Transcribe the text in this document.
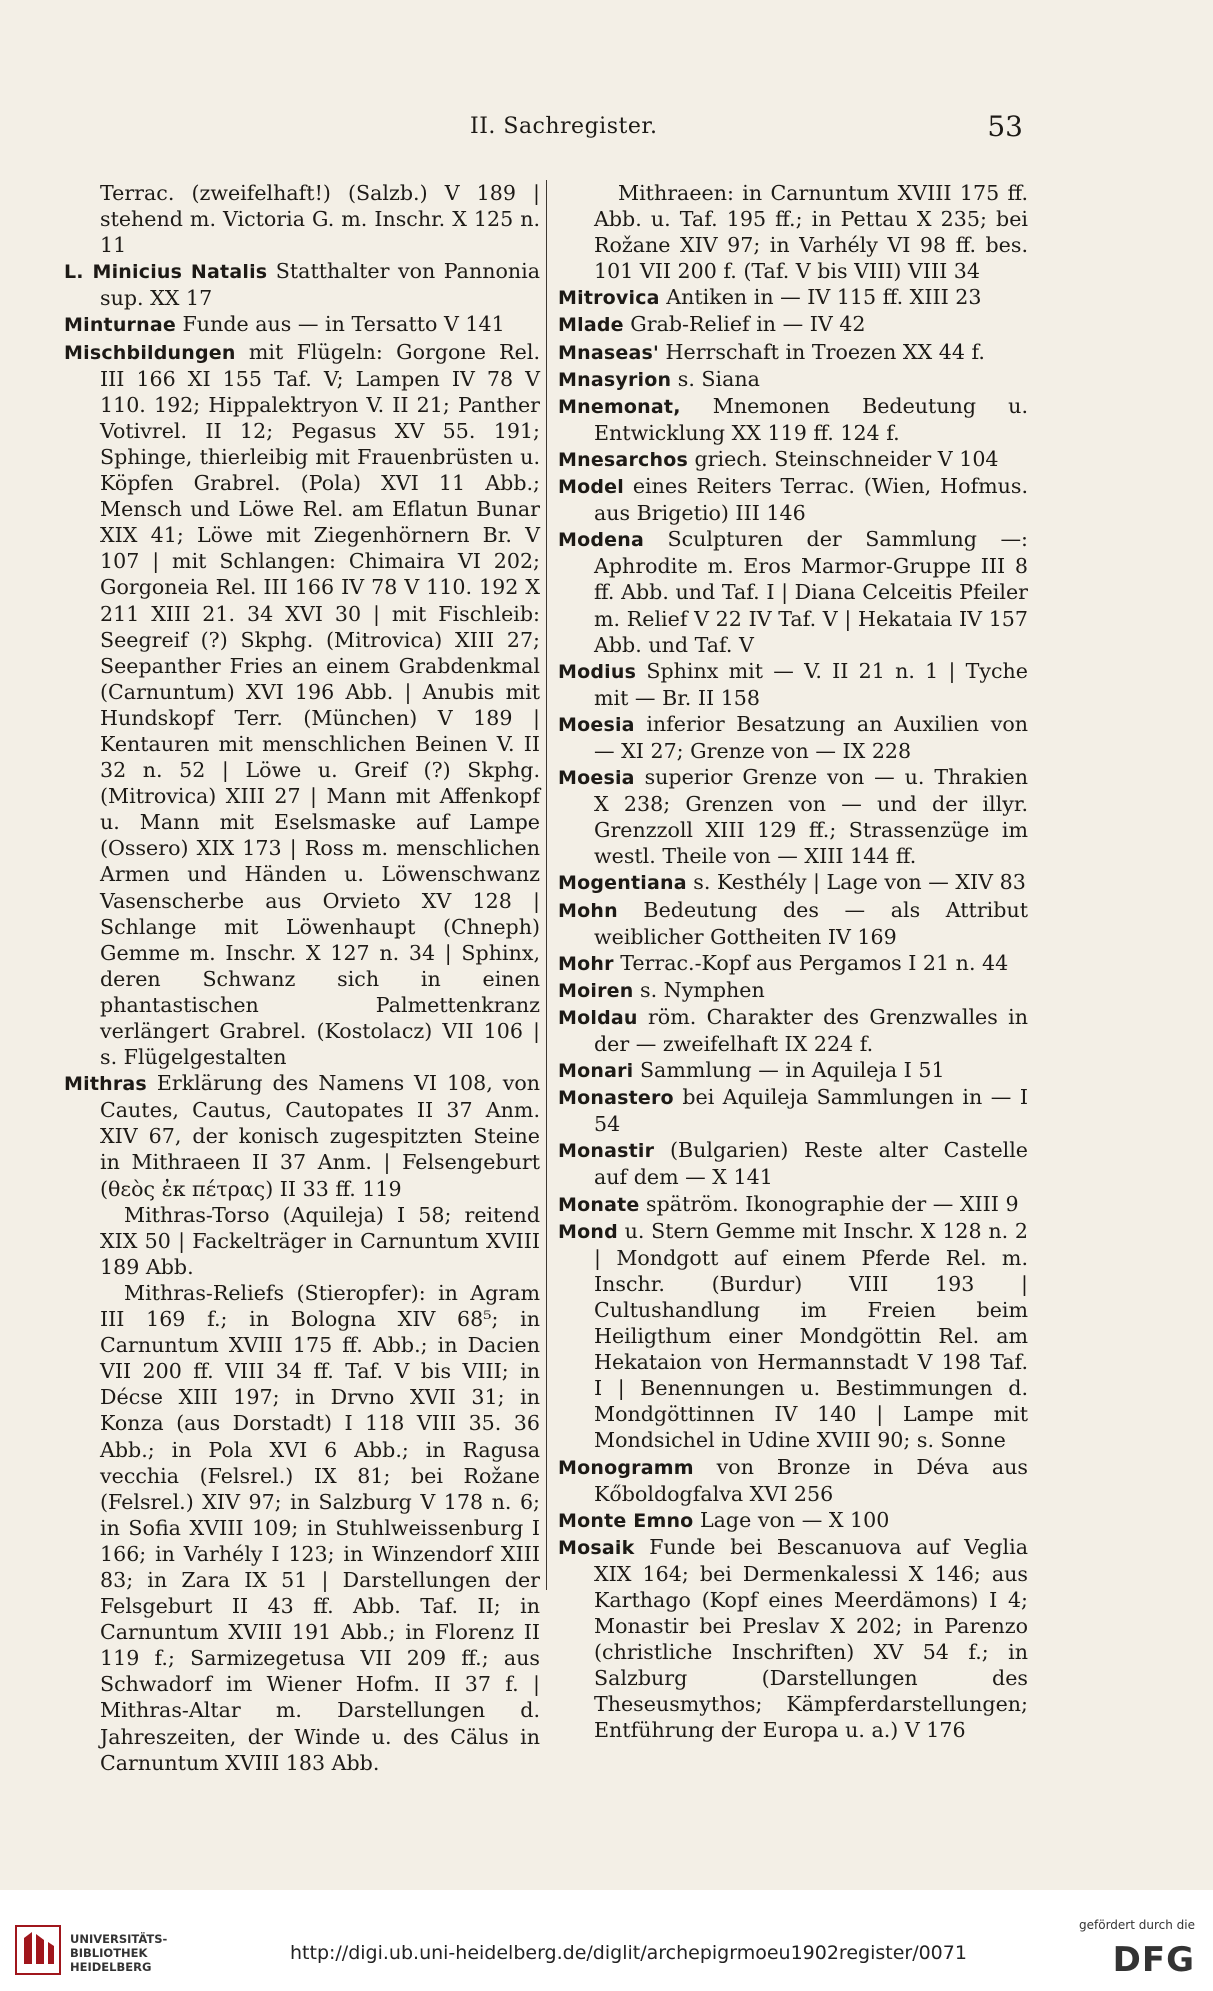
II. Sachregister.	53
Terrac. (zweifelhaft!) (Salzb.) V 189 | stehend m. Victoria G. m. Inschr. X 125 n. 11
L. Minicius Natalis Statthalter von Pannonia sup. XX 17
Minturnae Funde aus — in Tersatto V 141
Mischbildungen mit Flügeln: Gorgone Rel. III 166 XI 155 Taf. V; Lampen IV 78 V 110. 192; Hippalektryon V. II 21; Panther Votivrel. II 12; Pegasus XV 55. 191; Sphinge, thierleibig mit Frauenbrüsten u. Köpfen Grabrel. (Pola) XVI 11 Abb.; Mensch und Löwe Rel. am Eflatun Bunar XIX 41; Löwe mit Ziegenhörnern Br. V 107 | mit Schlangen: Chimaira VI 202; Gorgoneia Rel. III 166 IV 78 V 110. 192 X 211 XIII 21. 34 XVI 30 | mit Fischleib: Seegreif (?) Skphg. (Mitrovica) XIII 27; Seepanther Fries an einem Grabdenkmal (Carnuntum) XVI 196 Abb. | Anubis mit Hundskopf Terr. (München) V 189 | Kentauren mit menschlichen Beinen V. II 32 n. 52 | Löwe u. Greif (?) Skphg. (Mitrovica) XIII 27 | Mann mit Affenkopf u. Mann mit Eselsmaske auf Lampe (Ossero) XIX 173 | Ross m. menschlichen Armen und Händen u. Löwenschwanz Vasenscherbe aus Orvieto XV 128 | Schlange mit Löwenhaupt (Chneph) Gemme m. Inschr. X 127 n. 34 | Sphinx, deren Schwanz sich in einen phantastischen Palmettenkranz verlängert Grabrel. (Kostolacz) VII 106 | s. Flügelgestalten
Mithras Erklärung des Namens VI 108, von Cautes, Cautus, Cautopates II 37 Anm. XIV 67, der konisch zugespitzten Steine in Mithraeen II 37 Anm. | Felsengeburt (θεὸς ἐκ πέτρας) II 33 ff. 119
Mithras-Torso (Aquileja) I 58; reitend XIX 50 | Fackelträger in Carnuntum XVIII 189 Abb.
Mithras-Reliefs (Stieropfer): in Agram III 169 f.; in Bologna XIV 68⁵; in Carnuntum XVIII 175 ff. Abb.; in Dacien VII 200 ff. VIII 34 ff. Taf. V bis VIII; in Décse XIII 197; in Drvno XVII 31; in Konza (aus Dorstadt) I 118 VIII 35. 36 Abb.; in Pola XVI 6 Abb.; in Ragusa vecchia (Felsrel.) IX 81; bei Rožane (Felsrel.) XIV 97; in Salzburg V 178 n. 6; in Sofia XVIII 109; in Stuhlweissenburg I 166; in Varhély I 123; in Winzendorf XIII 83; in Zara IX 51 | Darstellungen der Felsgeburt II 43 ff. Abb. Taf. II; in Carnuntum XVIII 191 Abb.; in Florenz II 119 f.; Sarmizegetusa VII 209 ff.; aus Schwadorf im Wiener Hofm. II 37 f. | Mithras-Altar m. Darstellungen d. Jahreszeiten, der Winde u. des Cälus in Carnuntum XVIII 183 Abb.
Mithraeen: in Carnuntum XVIII 175 ff. Abb. u. Taf. 195 ff.; in Pettau X 235; bei Rožane XIV 97; in Varhély VI 98 ff. bes. 101 VII 200 f. (Taf. V bis VIII) VIII 34
Mitrovica Antiken in — IV 115 ff. XIII 23
Mlade Grab-Relief in — IV 42
Mnaseas' Herrschaft in Troezen XX 44 f.
Mnasyrion s. Siana
Mnemonat, Mnemonen Bedeutung u. Entwicklung XX 119 ff. 124 f.
Mnesarchos griech. Steinschneider V 104
Model eines Reiters Terrac. (Wien, Hofmus. aus Brigetio) III 146
Modena Sculpturen der Sammlung —: Aphrodite m. Eros Marmor-Gruppe III 8 ff. Abb. und Taf. I | Diana Celceitis Pfeiler m. Relief V 22 IV Taf. V | Hekataia IV 157 Abb. und Taf. V
Modius Sphinx mit — V. II 21 n. 1 | Tyche mit — Br. II 158
Moesia inferior Besatzung an Auxilien von — XI 27; Grenze von — IX 228
Moesia superior Grenze von — u. Thrakien X 238; Grenzen von — und der illyr. Grenzzoll XIII 129 ff.; Strassenzüge im westl. Theile von — XIII 144 ff.
Mogentiana s. Kesthély | Lage von — XIV 83
Mohn Bedeutung des — als Attribut weiblicher Gottheiten IV 169
Mohr Terrac.-Kopf aus Pergamos I 21 n. 44
Moiren s. Nymphen
Moldau röm. Charakter des Grenzwalles in der — zweifelhaft IX 224 f.
Monari Sammlung — in Aquileja I 51
Monastero bei Aquileja Sammlungen in — I 54
Monastir (Bulgarien) Reste alter Castelle auf dem — X 141
Monate spätröm. Ikonographie der — XIII 9
Mond u. Stern Gemme mit Inschr. X 128 n. 2 | Mondgott auf einem Pferde Rel. m. Inschr. (Burdur) VIII 193 | Cultushandlung im Freien beim Heiligthum einer Mondgöttin Rel. am Hekataion von Hermannstadt V 198 Taf. I | Benennungen u. Bestimmungen d. Mondgöttinnen IV 140 | Lampe mit Mondsichel in Udine XVIII 90; s. Sonne
Monogramm von Bronze in Déva aus Kőboldogfalva XVI 256
Monte Emno Lage von — X 100
Mosaik Funde bei Bescanuova auf Veglia XIX 164; bei Dermenkalessi X 146; aus Karthago (Kopf eines Meerdämons) I 4; Monastir bei Preslav X 202; in Parenzo (christliche Inschriften) XV 54 f.; in Salzburg (Darstellungen des Theseusmythos; Kämpferdarstellungen; Entführung der Europa u. a.) V 176
UNIVERSITÄTS-
BIBLIOTHEK
HEIDELBERG
http://digi.ub.uni-heidelberg.de/diglit/archepigrmoeu1902register/0071
gefördert durch die
DFG
